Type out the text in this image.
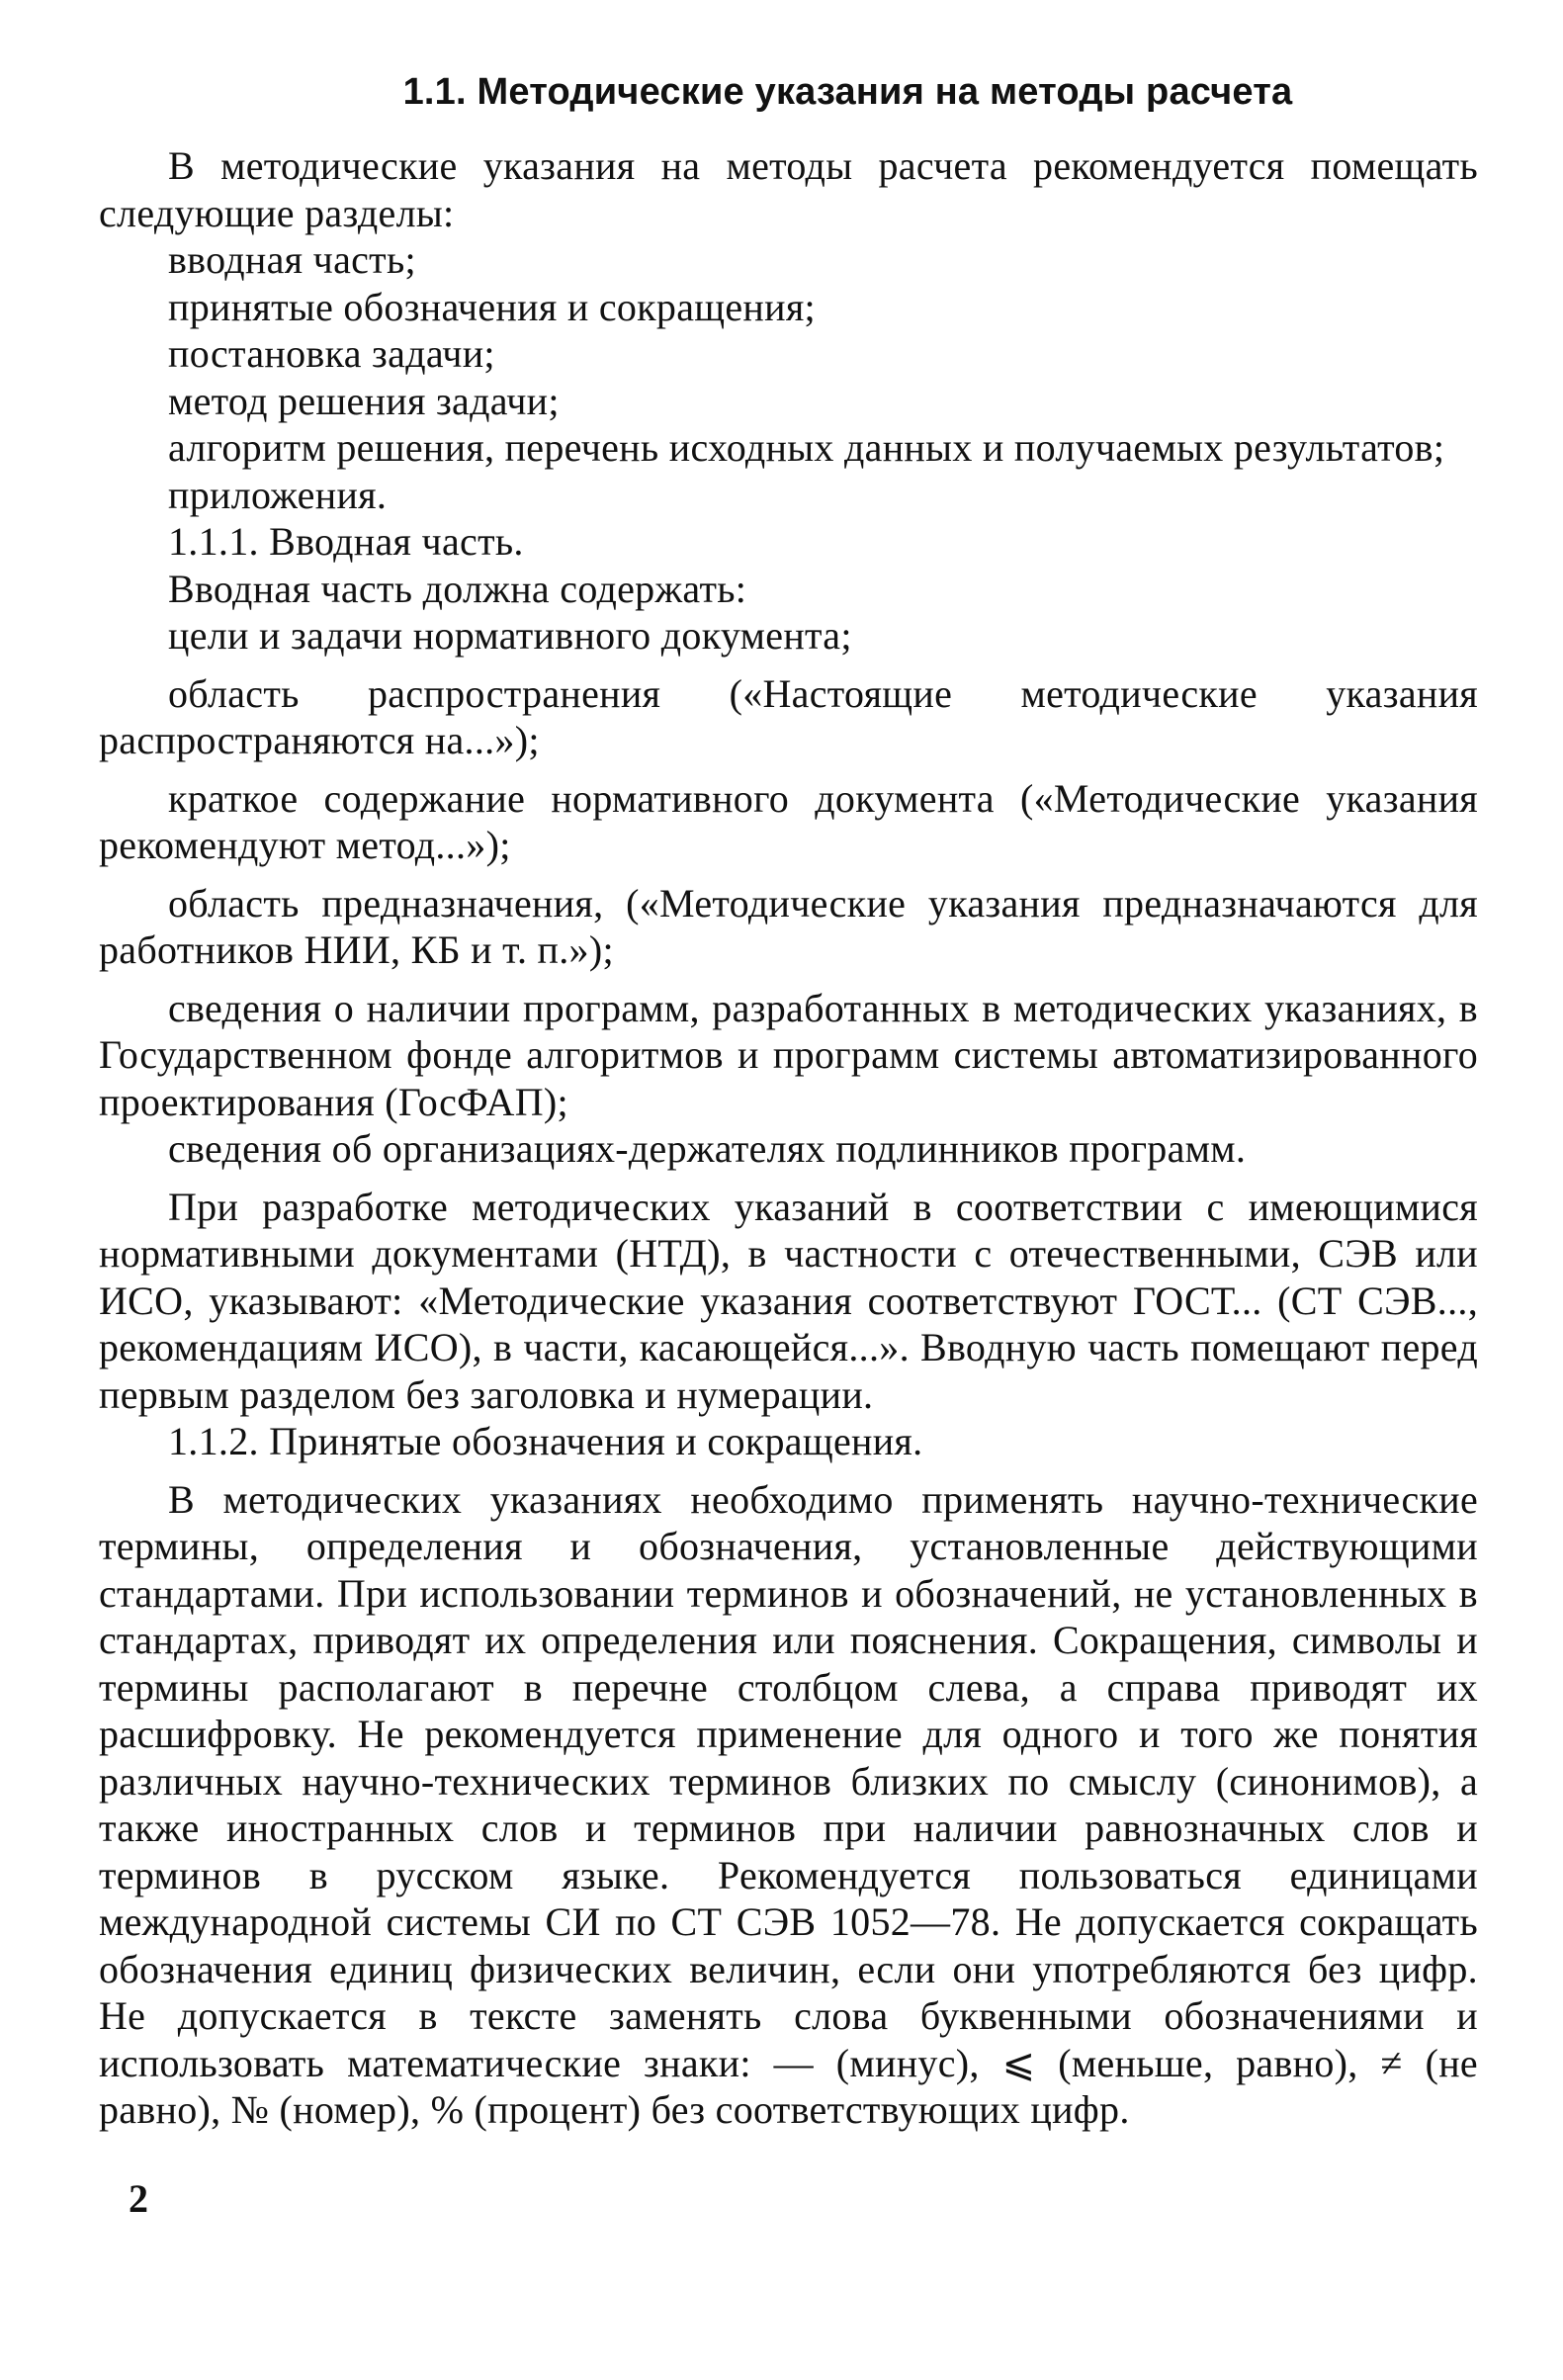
1.1. Методические указания на методы расчета

В методические указания на методы расчета рекомендуется помещать следующие разделы:

вводная часть;

принятые обозначения и сокращения;

постановка задачи;

метод решения задачи;

алгоритм решения, перечень исходных данных и получаемых результатов;

приложения.

1.1.1. Вводная часть.

Вводная часть должна содержать:

цели и задачи нормативного документа;

область распространения («Настоящие методические указания распространяются на...»);

краткое содержание нормативного документа («Методические указания рекомендуют метод...»);

область предназначения, («Методические указания предназначаются для работников НИИ, КБ и т. п.»);

сведения о наличии программ, разработанных в методических указаниях, в Государственном фонде алгоритмов и программ системы автоматизированного проектирования (ГосФАП);

сведения об организациях-держателях подлинников программ.

При разработке методических указаний в соответствии с имеющимися нормативными документами (НТД), в частности с отечественными, СЭВ или ИСО, указывают: «Методические указания соответствуют ГОСТ... (СТ СЭВ..., рекомендациям ИСО), в части, касающейся...». Вводную часть помещают перед первым разделом без заголовка и нумерации.

1.1.2. Принятые обозначения и сокращения.

В методических указаниях необходимо применять научно-технические термины, определения и обозначения, установленные действующими стандартами. При использовании терминов и обозначений, не установленных в стандартах, приводят их определения или пояснения. Сокращения, символы и термины располагают в перечне столбцом слева, а справа приводят их расшифровку. Не рекомендуется применение для одного и того же понятия различных научно-технических терминов близких по смыслу (синонимов), а также иностранных слов и терминов при наличии равнозначных слов и терминов в русском языке. Рекомендуется пользоваться единицами международной системы СИ по СТ СЭВ 1052—78. Не допускается сокращать обозначения единиц физических величин, если они употребляются без цифр. Не допускается в тексте заменять слова буквенными обозначениями и использовать математические знаки: — (минус), ⩽ (меньше, равно), ≠ (не равно), № (номер), % (процент) без соответствующих цифр.

2
